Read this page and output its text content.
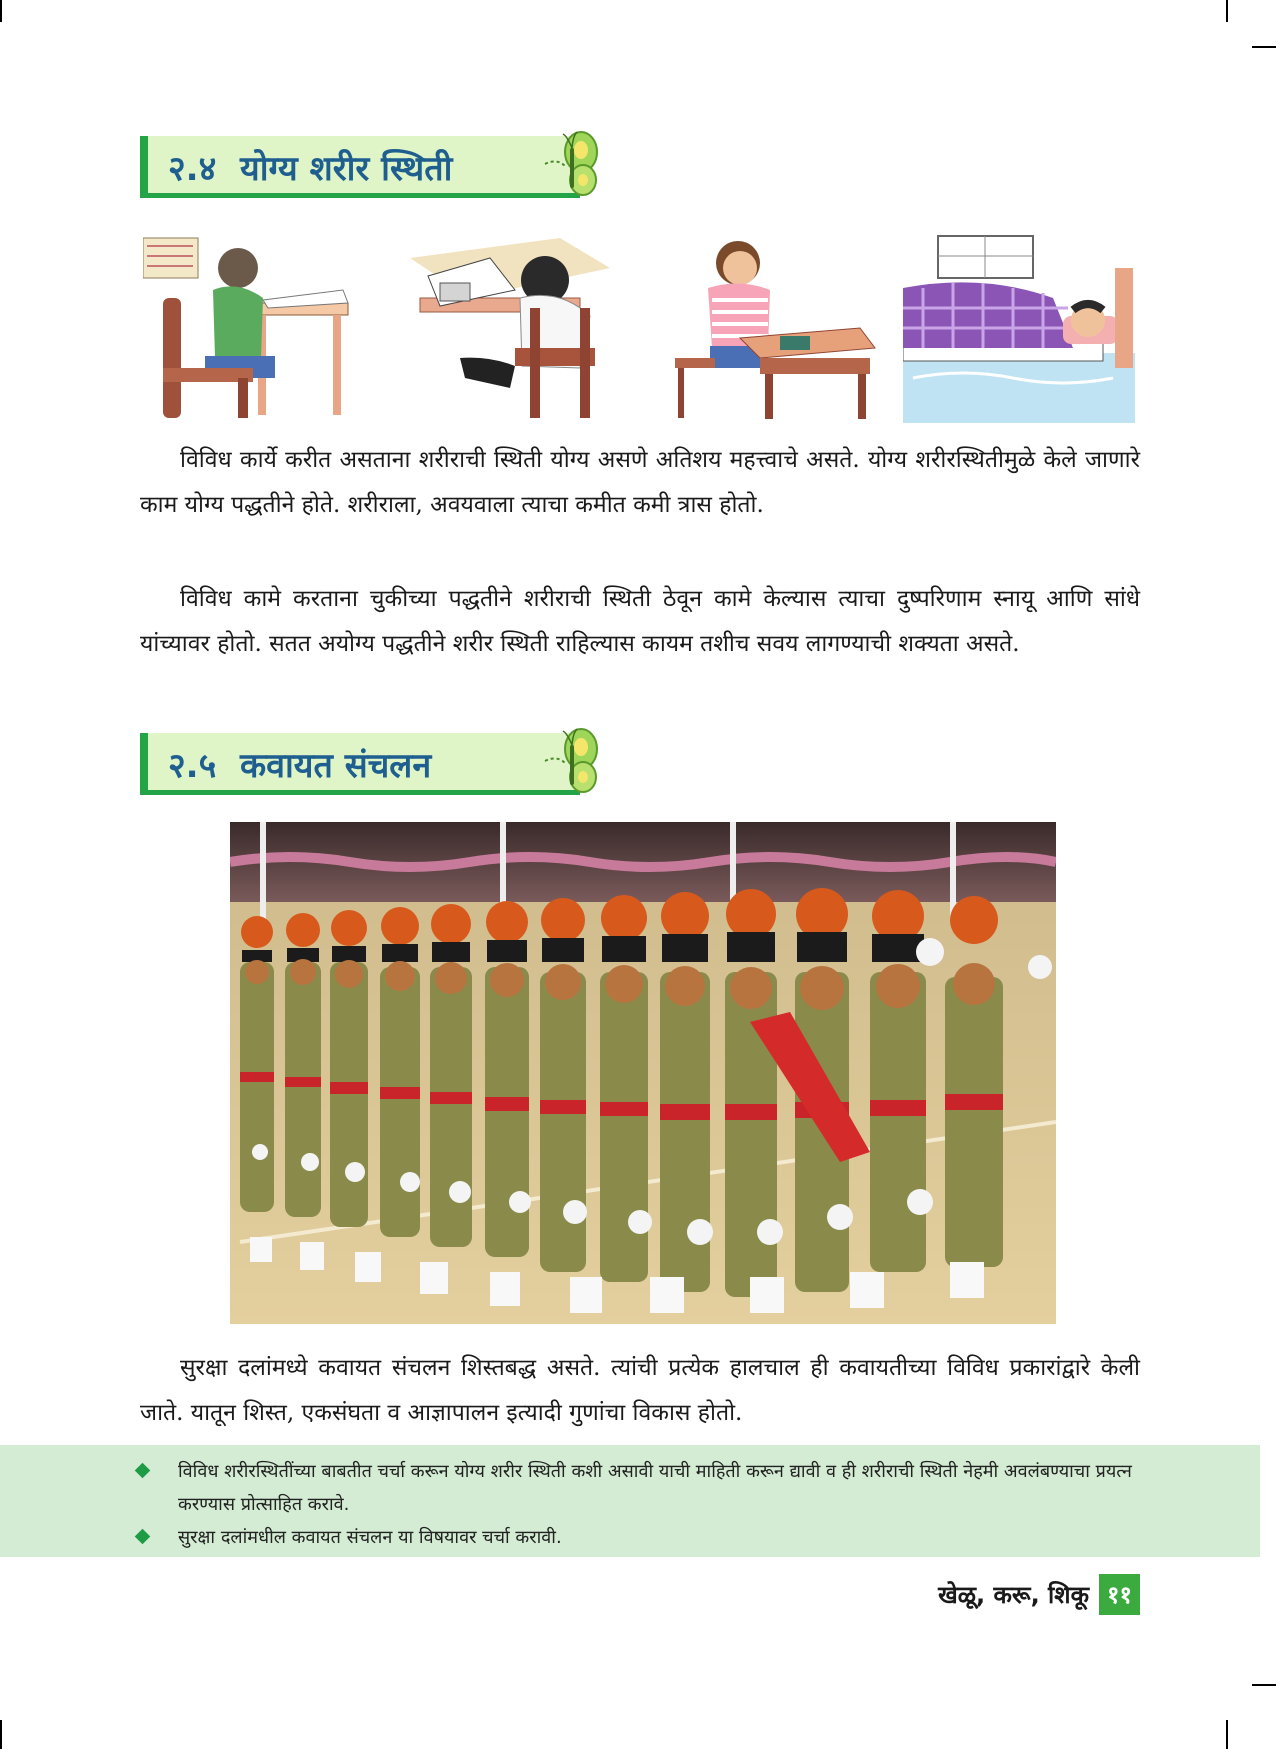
२.४ योग्य शरीर स्थिती

विविध कार्ये करीत असताना शरीराची स्थिती योग्य असणे अतिशय महत्त्वाचे असते. योग्य शरीरस्थितीमुळे केले जाणारे काम योग्य पद्धतीने होते. शरीराला, अवयवाला त्याचा कमीत कमी त्रास होतो.

विविध कामे करताना चुकीच्या पद्धतीने शरीराची स्थिती ठेवून कामे केल्यास त्याचा दुष्परिणाम स्नायू आणि सांधे यांच्यावर होतो. सतत अयोग्य पद्धतीने शरीर स्थिती राहिल्यास कायम तशीच सवय लागण्याची शक्यता असते.

२.५ कवायत संचलन

सुरक्षा दलांमध्ये कवायत संचलन शिस्तबद्ध असते. त्यांची प्रत्येक हालचाल ही कवायतीच्या विविध प्रकारांद्वारे केली जाते. यातून शिस्त, एकसंघता व आज्ञापालन इत्यादी गुणांचा विकास होतो.

विविध शरीरस्थितींच्या बाबतीत चर्चा करून योग्य शरीर स्थिती कशी असावी याची माहिती करून द्यावी व ही शरीराची स्थिती नेहमी अवलंबण्याचा प्रयत्न करण्यास प्रोत्साहित करावे.
सुरक्षा दलांमधील कवायत संचलन या विषयावर चर्चा करावी.
खेळू, करू, शिकू ११
